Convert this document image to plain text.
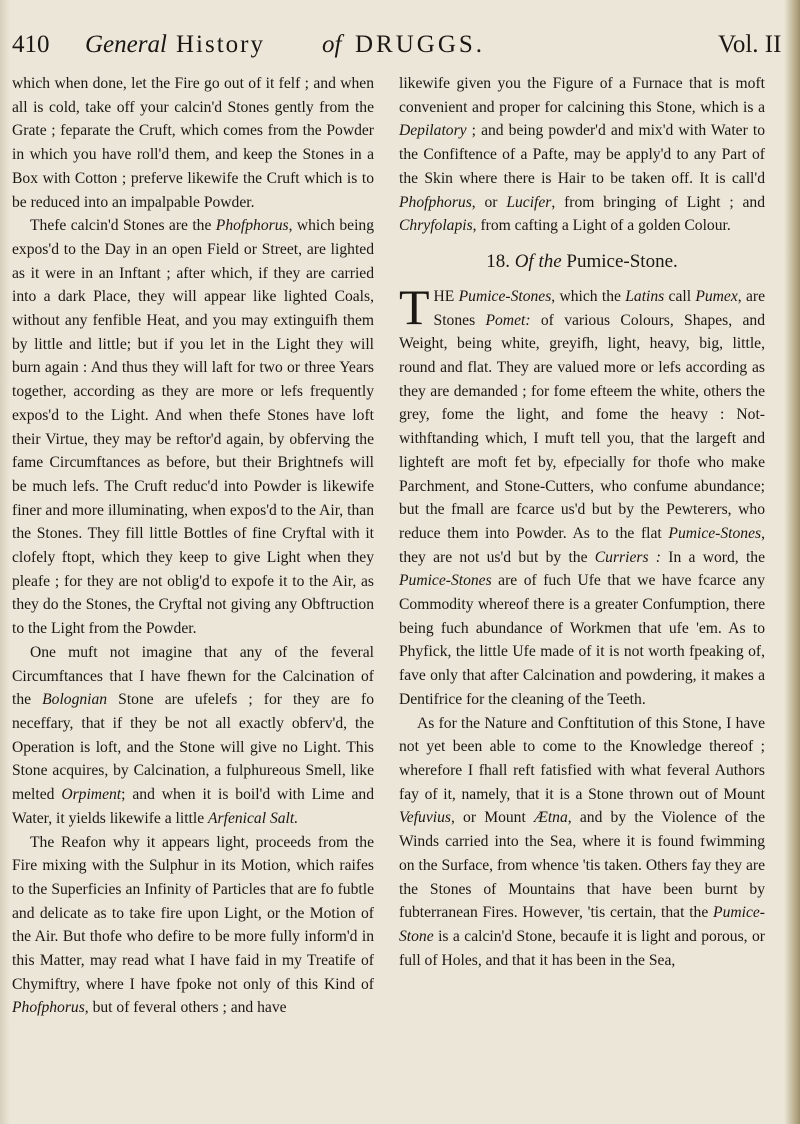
410 General History of DRUGGS.	Vol. II

which when done, let the Fire go out of it felf ; and when all is cold, take off your calcin'd Stones gently from the Grate ; feparate the Cruft, which comes from the Powder in which you have roll'd them, and keep the Stones in a Box with Cotton ; preferve likewife the Cruft which is to be reduced into an impalpable Powder.

Thefe calcin'd Stones are the Phofphorus, which being expos'd to the Day in an open Field or Street, are lighted as it were in an Inftant ; after which, if they are carried into a dark Place, they will appear like lighted Coals, without any fenfible Heat, and you may extinguifh them by little and little; but if you let in the Light they will burn again : And thus they will laft for two or three Years together, according as they are more or lefs frequently expos'd to the Light. And when thefe Stones have loft their Virtue, they may be reftor'd again, by obferving the fame Circumftances as before, but their Brightnefs will be much lefs. The Cruft reduc'd into Powder is likewife finer and more illuminating, when expos'd to the Air, than the Stones. They fill little Bottles of fine Cryftal with it clofely ftopt, which they keep to give Light when they pleafe ; for they are not oblig'd to expofe it to the Air, as they do the Stones, the Cryftal not giving any Obftruction to the Light from the Powder.

One muft not imagine that any of the feveral Circumftances that I have fhewn for the Calcination of the Bolognian Stone are ufelefs ; for they are fo neceffary, that if they be not all exactly obferv'd, the Operation is loft, and the Stone will give no Light. This Stone acquires, by Calcination, a fulphureous Smell, like melted Orpiment; and when it is boil'd with Lime and Water, it yields likewife a little Arfenical Salt.

The Reafon why it appears light, proceeds from the Fire mixing with the Sulphur in its Motion, which raifes to the Superficies an Infinity of Particles that are fo fubtle and delicate as to take fire upon Light, or the Motion of the Air. But thofe who defire to be more fully inform'd in this Matter, may read what I have faid in my Treatife of Chymiftry, where I have fpoke not only of this Kind of Phofphorus, but of feveral others ; and have

likewife given you the Figure of a Furnace that is moft convenient and proper for calcining this Stone, which is a Depilatory ; and being powder'd and mix'd with Water to the Confiftence of a Pafte, may be apply'd to any Part of the Skin where there is Hair to be taken off. It is call'd Phofphorus, or Lucifer, from bringing of Light ; and Chryfolapis, from cafting a Light of a golden Colour.

18. Of the Pumice-Stone.

THE Pumice-Stones, which the Latins call Pumex, are Stones Pomet: of various Colours, Shapes, and Weight, being white, greyifh, light, heavy, big, little, round and flat. They are valued more or lefs according as they are demanded ; for fome efteem the white, others the grey, fome the light, and fome the heavy : Notwithftanding which, I muft tell you, that the largeft and lighteft are moft fet by, efpecially for thofe who make Parchment, and Stone-Cutters, who confume abundance; but the fmall are fcarce us'd but by the Pewterers, who reduce them into Powder. As to the flat Pumice-Stones, they are not us'd but by the Curriers : In a word, the Pumice-Stones are of fuch Ufe that we have fcarce any Commodity whereof there is a greater Confumption, there being fuch abundance of Workmen that ufe 'em. As to Phyfick, the little Ufe made of it is not worth fpeaking of, fave only that after Calcination and powdering, it makes a Dentifrice for the cleaning of the Teeth.

As for the Nature and Conftitution of this Stone, I have not yet been able to come to the Knowledge thereof ; wherefore I fhall reft fatisfied with what feveral Authors fay of it, namely, that it is a Stone thrown out of Mount Vefuvius, or Mount Ætna, and by the Violence of the Winds carried into the Sea, where it is found fwimming on the Surface, from whence 'tis taken. Others fay they are the Stones of Mountains that have been burnt by fubterranean Fires. However, 'tis certain, that the Pumice-Stone is a calcin'd Stone, becaufe it is light and porous, or full of Holes, and that it has been in the Sea,
